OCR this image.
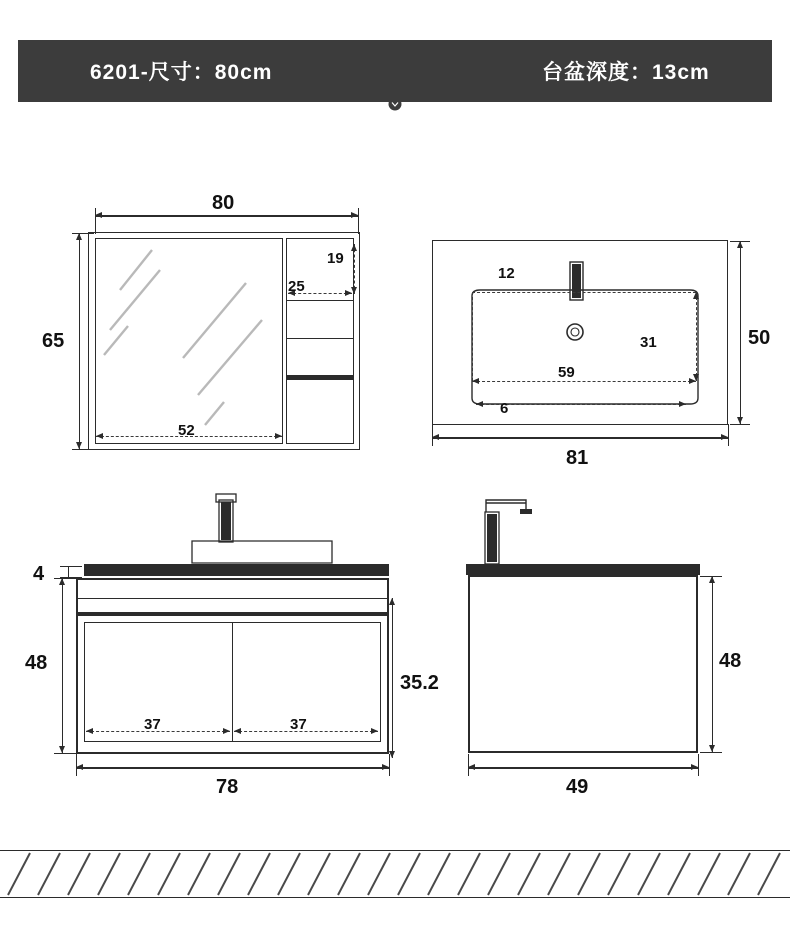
6201-尺寸：80cm	台盆深度：13cm
80
65
52
25
19
12
31
59
6
50
81
4
48
35.2
37	37
78
48
49
